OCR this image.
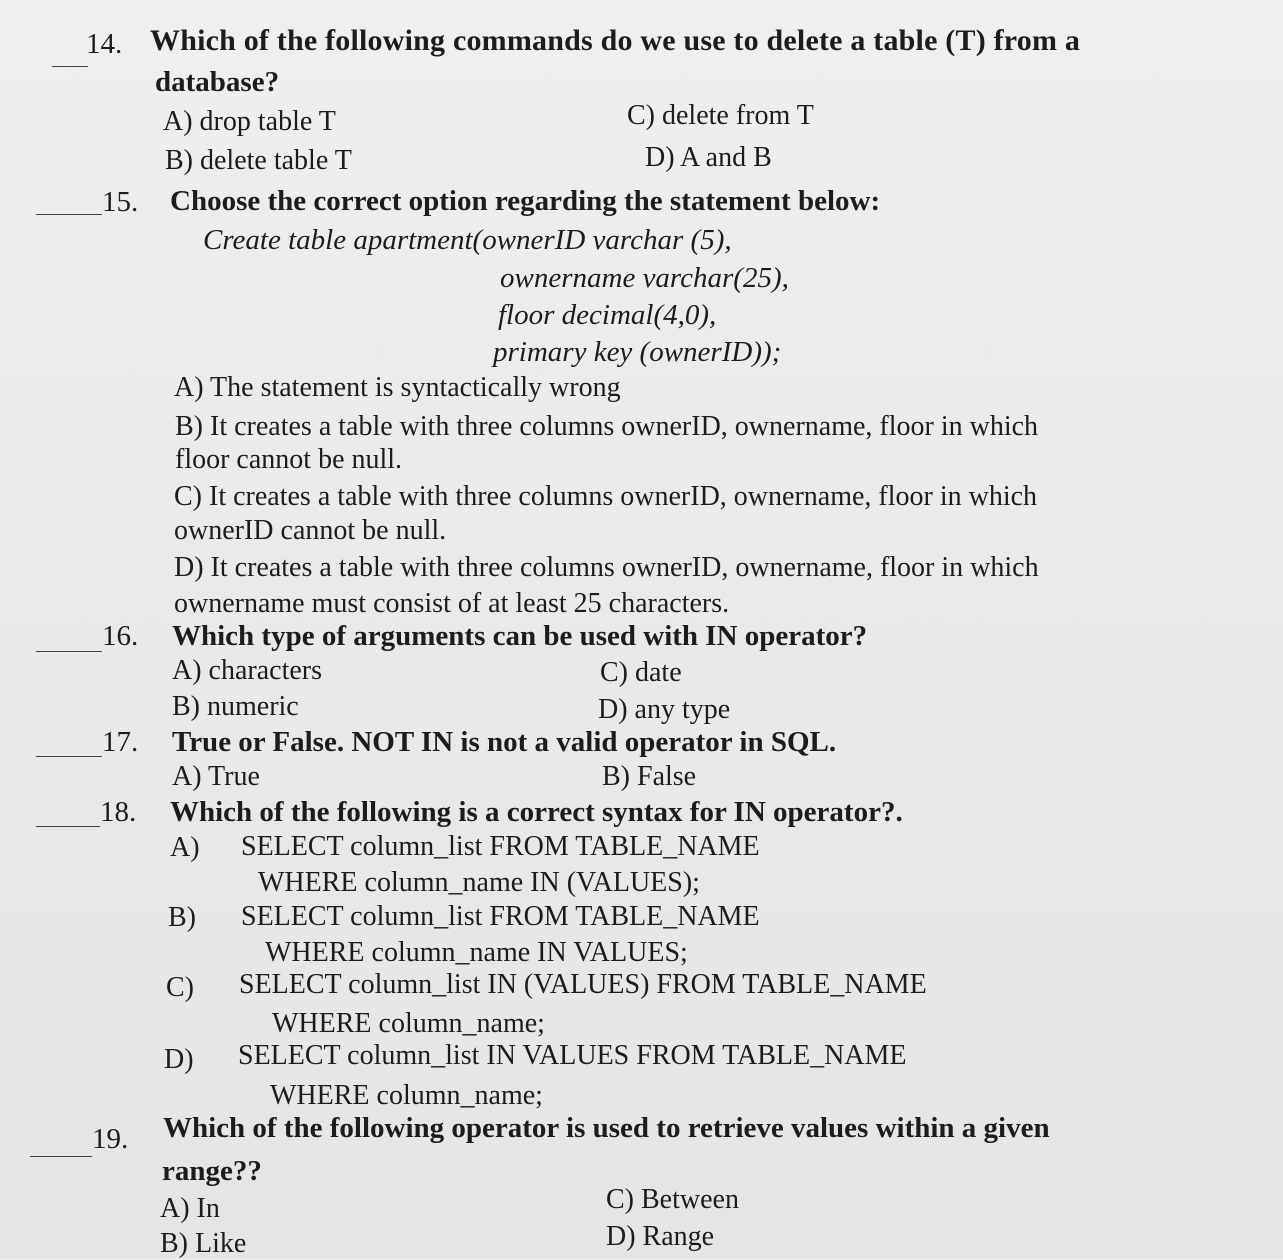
14. Which of the following commands do we use to delete a table (T) from a
database?
A) drop table T	C) delete from T
B) delete table T	D) A and B
15. Choose the correct option regarding the statement below:
Create table apartment(ownerID varchar (5),
ownername varchar(25),
floor decimal(4,0),
primary key (ownerID));
A) The statement is syntactically wrong
B) It creates a table with three columns ownerID, ownername, floor in which
floor cannot be null.
C) It creates a table with three columns ownerID, ownername, floor in which
ownerID cannot be null.
D) It creates a table with three columns ownerID, ownername, floor in which
ownername must consist of at least 25 characters.
16. Which type of arguments can be used with IN operator?
A) characters	C) date
B) numeric	D) any type
17. True or False. NOT IN is not a valid operator in SQL.
A) True	B) False
18. Which of the following is a correct syntax for IN operator?.
A) SELECT column_list FROM TABLE_NAME
WHERE column_name IN (VALUES);
B) SELECT column_list FROM TABLE_NAME
WHERE column_name IN VALUES;
C) SELECT column_list IN (VALUES) FROM TABLE_NAME
WHERE column_name;
D) SELECT column_list IN VALUES FROM TABLE_NAME
WHERE column_name;
19. Which of the following operator is used to retrieve values within a given
range??
A) In	C) Between
B) Like	D) Range
